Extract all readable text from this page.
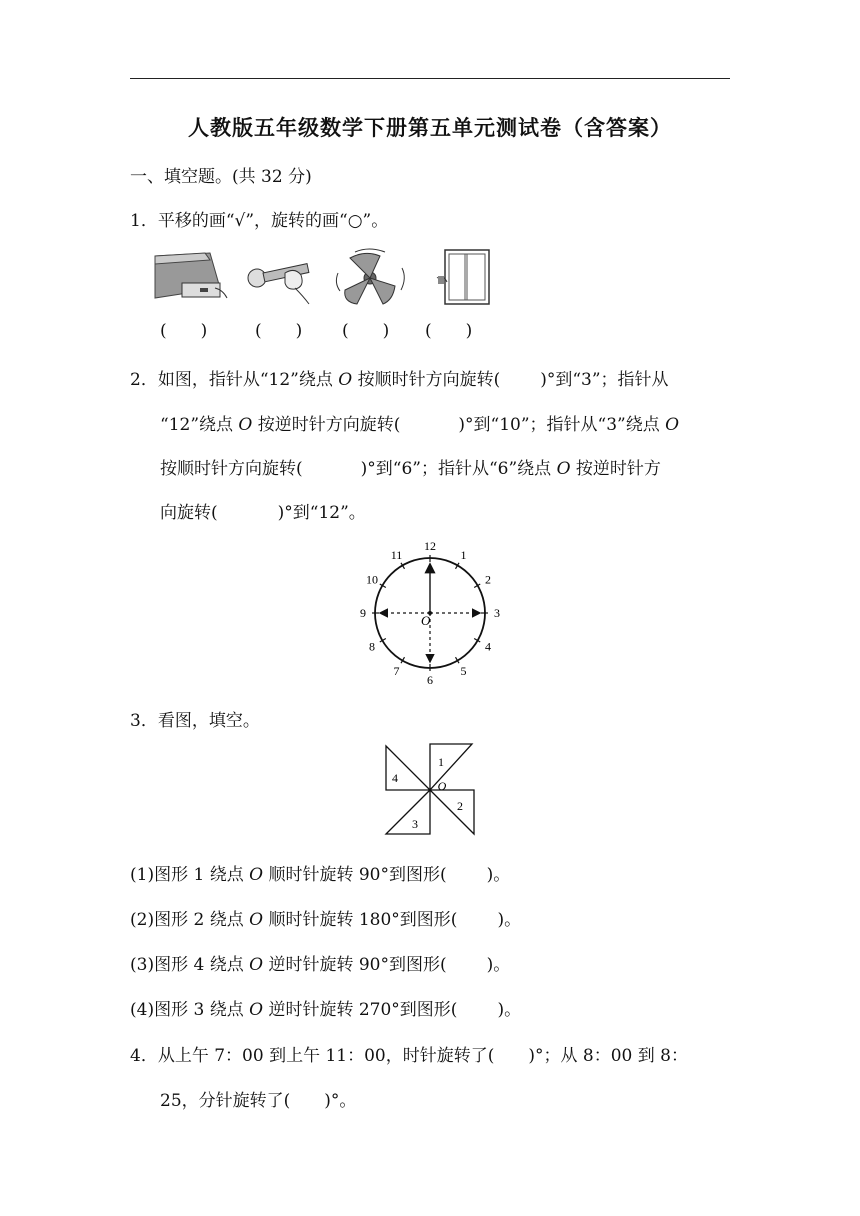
人教版五年级数学下册第五单元测试卷（含答案）
一、填空题。(共 32 分)
1．平移的画“√”，旋转的画“○”。
(　　)	(　　) (　　) (　　)
2．如图，指针从“12”绕点 O 按顺时针方向旋转( )°到“3”；指针从
“12”绕点 O 按逆时针方向旋转(	)°到“10”；指针从“3”绕点 O
按顺时针方向旋转(	)°到“6”；指针从“6”绕点 O 按逆时针方
向旋转(	)°到“12”。
12
1
2
3
4
5
6
7
8
9
10
11
O
3．看图，填空。
1
2
3
4
O
(1)图形 1 绕点 O 顺时针旋转 90°到图形( )。
(2)图形 2 绕点 O 顺时针旋转 180°到图形( )。
(3)图形 4 绕点 O 逆时针旋转 90°到图形( )。
(4)图形 3 绕点 O 逆时针旋转 270°到图形( )。
4．从上午 7：00 到上午 11：00，时针旋转了(　　)°；从 8：00 到 8：
25，分针旋转了(　　)°。
